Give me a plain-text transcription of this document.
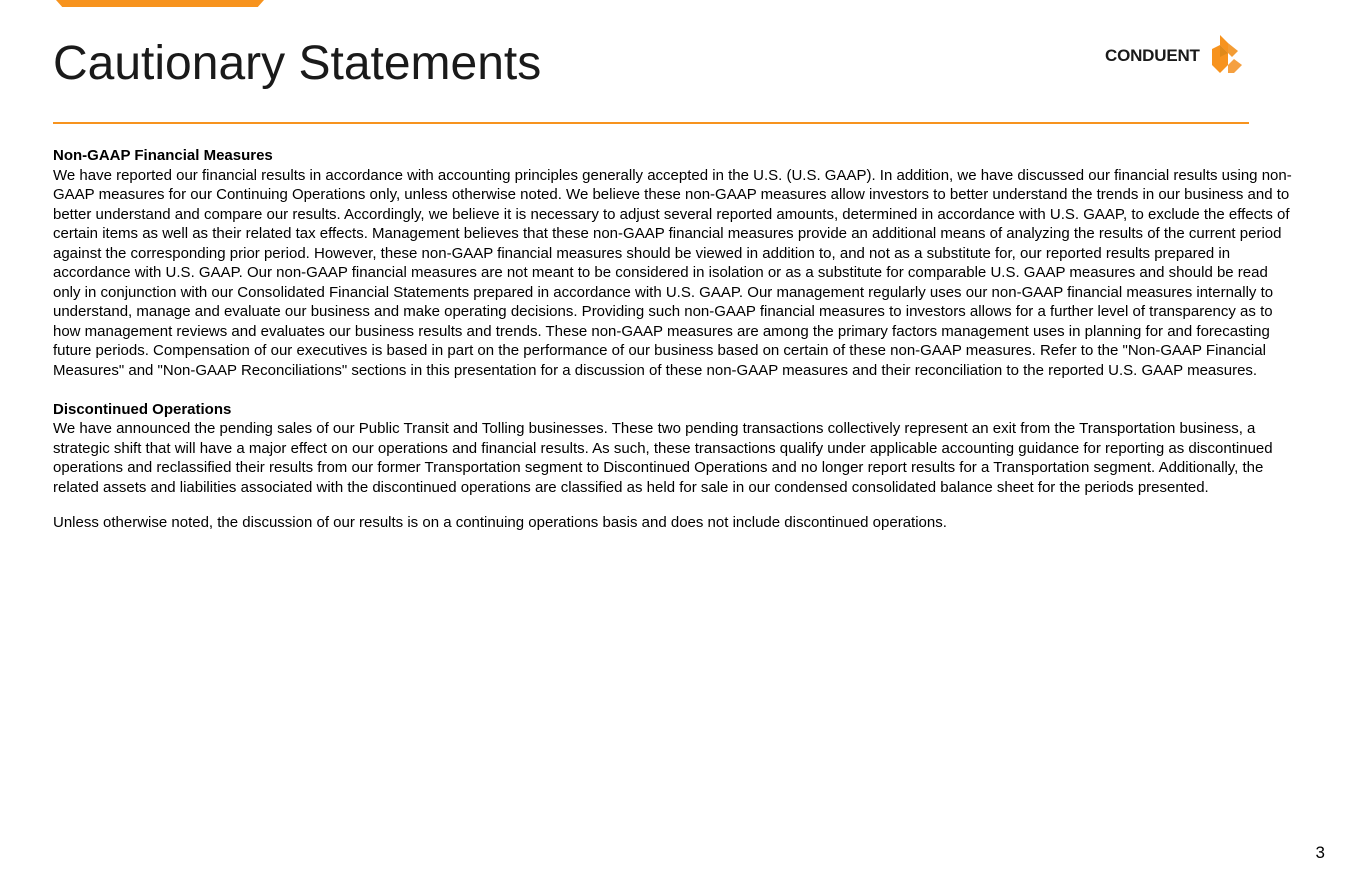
Cautionary Statements	CONDUENT

Non-GAAP Financial Measures

We have reported our financial results in accordance with accounting principles generally accepted in the U.S. (U.S. GAAP). In addition, we have discussed our financial results using non-GAAP measures for our Continuing Operations only, unless otherwise noted. We believe these non-GAAP measures allow investors to better understand the trends in our business and to better understand and compare our results. Accordingly, we believe it is necessary to adjust several reported amounts, determined in accordance with U.S. GAAP, to exclude the effects of certain items as well as their related tax effects. Management believes that these non-GAAP financial measures provide an additional means of analyzing the results of the current period against the corresponding prior period. However, these non-GAAP financial measures should be viewed in addition to, and not as a substitute for, our reported results prepared in accordance with U.S. GAAP. Our non-GAAP financial measures are not meant to be considered in isolation or as a substitute for comparable U.S. GAAP measures and should be read only in conjunction with our Consolidated Financial Statements prepared in accordance with U.S. GAAP. Our management regularly uses our non-GAAP financial measures internally to understand, manage and evaluate our business and make operating decisions. Providing such non-GAAP financial measures to investors allows for a further level of transparency as to how management reviews and evaluates our business results and trends. These non-GAAP measures are among the primary factors management uses in planning for and forecasting future periods. Compensation of our executives is based in part on the performance of our business based on certain of these non-GAAP measures. Refer to the "Non-GAAP Financial Measures" and "Non-GAAP Reconciliations" sections in this presentation for a discussion of these non-GAAP measures and their reconciliation to the reported U.S. GAAP measures.

Discontinued Operations

We have announced the pending sales of our Public Transit and Tolling businesses. These two pending transactions collectively represent an exit from the Transportation business, a strategic shift that will have a major effect on our operations and financial results. As such, these transactions qualify under applicable accounting guidance for reporting as discontinued operations and reclassified their results from our former Transportation segment to Discontinued Operations and no longer report results for a Transportation segment. Additionally, the related assets and liabilities associated with the discontinued operations are classified as held for sale in our condensed consolidated balance sheet for the periods presented.

Unless otherwise noted, the discussion of our results is on a continuing operations basis and does not include discontinued operations.

3
